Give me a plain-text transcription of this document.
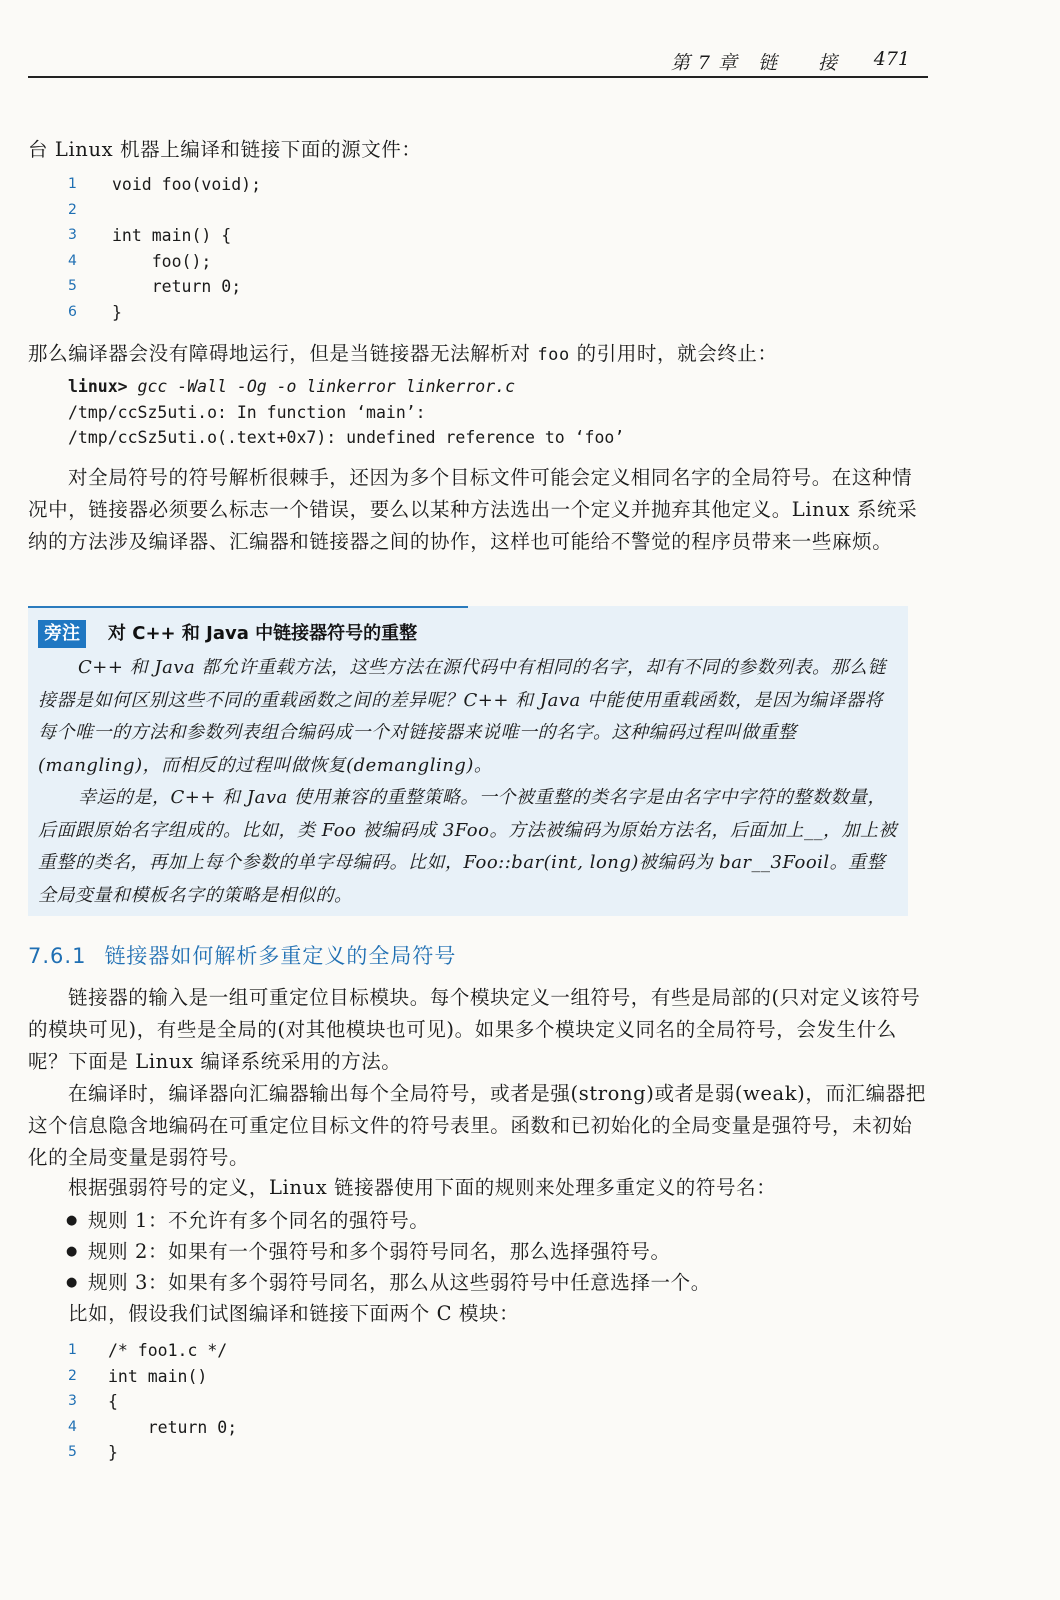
第 7 章　链　　接 471
台 Linux 机器上编译和链接下面的源文件：
1	void foo(void);
2
3	int main() {
4	foo();
5	return 0;
6	}
那么编译器会没有障碍地运行，但是当链接器无法解析对 foo 的引用时，就会终止：
linux> gcc -Wall -Og -o linkerror linkerror.c
/tmp/ccSz5uti.o: In function ‘main’:
/tmp/ccSz5uti.o(.text+0x7): undefined reference to ‘foo’
对全局符号的符号解析很棘手，还因为多个目标文件可能会定义相同名字的全局符号。在这种情况中，链接器必须要么标志一个错误，要么以某种方法选出一个定义并抛弃其他定义。Linux 系统采纳的方法涉及编译器、汇编器和链接器之间的协作，这样也可能给不警觉的程序员带来一些麻烦。
旁注	对 C++ 和 Java 中链接器符号的重整

C++ 和 Java 都允许重载方法，这些方法在源代码中有相同的名字，却有不同的参数列表。那么链接器是如何区别这些不同的重载函数之间的差异呢？C++ 和 Java 中能使用重载函数，是因为编译器将每个唯一的方法和参数列表组合编码成一个对链接器来说唯一的名字。这种编码过程叫做重整(mangling)，而相反的过程叫做恢复(demangling)。

幸运的是，C++ 和 Java 使用兼容的重整策略。一个被重整的类名字是由名字中字符的整数数量，后面跟原始名字组成的。比如，类 Foo 被编码成 3Foo。方法被编码为原始方法名，后面加上__，加上被重整的类名，再加上每个参数的单字母编码。比如，Foo::bar(int, long)被编码为 bar__3Fooil。重整全局变量和模板名字的策略是相似的。

7.6.1 链接器如何解析多重定义的全局符号
链接器的输入是一组可重定位目标模块。每个模块定义一组符号，有些是局部的(只对定义该符号的模块可见)，有些是全局的(对其他模块也可见)。如果多个模块定义同名的全局符号，会发生什么呢？下面是 Linux 编译系统采用的方法。
在编译时，编译器向汇编器输出每个全局符号，或者是强(strong)或者是弱(weak)，而汇编器把这个信息隐含地编码在可重定位目标文件的符号表里。函数和已初始化的全局变量是强符号，未初始化的全局变量是弱符号。
根据强弱符号的定义，Linux 链接器使用下面的规则来处理多重定义的符号名：
● 规则 1：不允许有多个同名的强符号。
● 规则 2：如果有一个强符号和多个弱符号同名，那么选择强符号。
● 规则 3：如果有多个弱符号同名，那么从这些弱符号中任意选择一个。
比如，假设我们试图编译和链接下面两个 C 模块：
1	/* foo1.c */
2	int main()
3	{
4	return 0;
5	}
